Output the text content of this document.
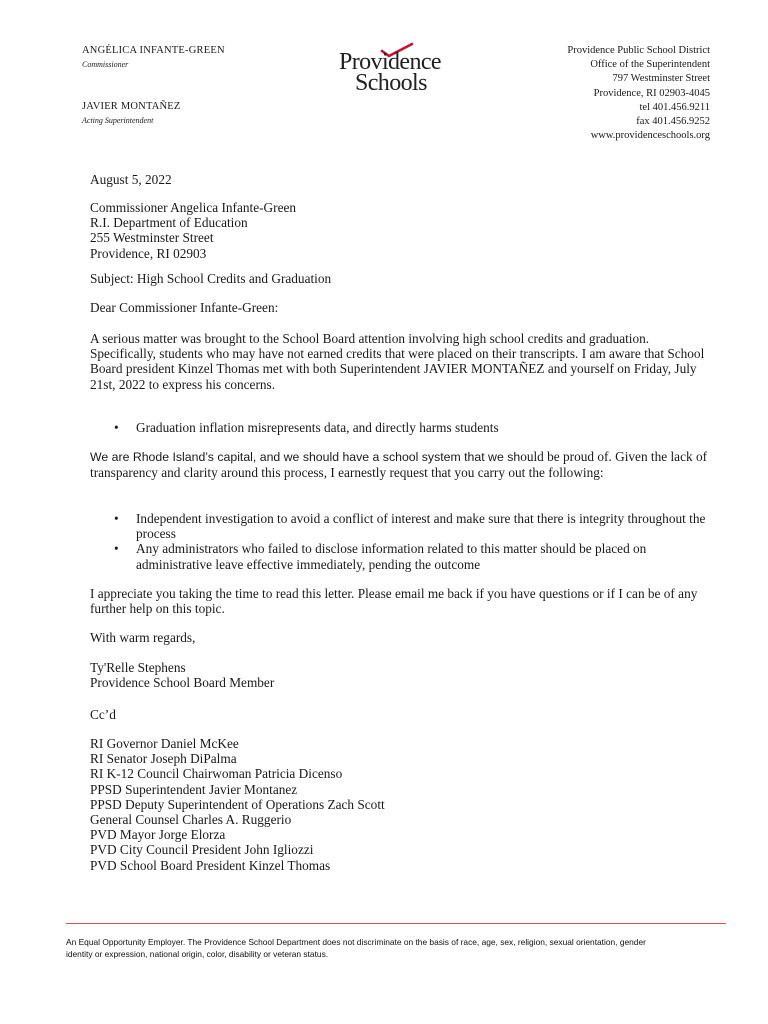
ANGÉLICA INFANTE-GREEN
Commissioner
JAVIER MONTAÑEZ
Acting Superintendent
Providence
Schools
Providence Public School District
Office of the Superintendent
797 Westminster Street
Providence, RI 02903-4045
tel 401.456.9211
fax 401.456.9252
www.providenceschools.org
August 5, 2022
Commissioner Angelica Infante-Green
R.I. Department of Education
255 Westminster Street
Providence, RI 02903
Subject: High School Credits and Graduation
Dear Commissioner Infante-Green:
A serious matter was brought to the School Board attention involving high school credits and graduation.
Specifically, students who may have not earned credits that were placed on their transcripts. I am aware that School
Board president Kinzel Thomas met with both Superintendent JAVIER MONTAÑEZ and yourself on Friday, July
21st, 2022 to express his concerns.
• Graduation inflation misrepresents data, and directly harms students
We are Rhode Island’s capital, and we should have a school system that we should be proud of. Given the lack of
transparency and clarity around this process, I earnestly request that you carry out the following:
• Independent investigation to avoid a conflict of interest and make sure that there is integrity throughout the
process
• Any administrators who failed to disclose information related to this matter should be placed on
administrative leave effective immediately, pending the outcome
I appreciate you taking the time to read this letter. Please email me back if you have questions or if I can be of any
further help on this topic.
With warm regards,
Ty'Relle Stephens
Providence School Board Member
Cc’d
RI Governor Daniel McKee
RI Senator Joseph DiPalma
RI K-12 Council Chairwoman Patricia Dicenso
PPSD Superintendent Javier Montanez
PPSD Deputy Superintendent of Operations Zach Scott
General Counsel Charles A. Ruggerio
PVD Mayor Jorge Elorza
PVD City Council President John Igliozzi
PVD School Board President Kinzel Thomas
An Equal Opportunity Employer. The Providence School Department does not discriminate on the basis of race, age, sex, religion, sexual orientation, gender
identity or expression, national origin, color, disability or veteran status.
